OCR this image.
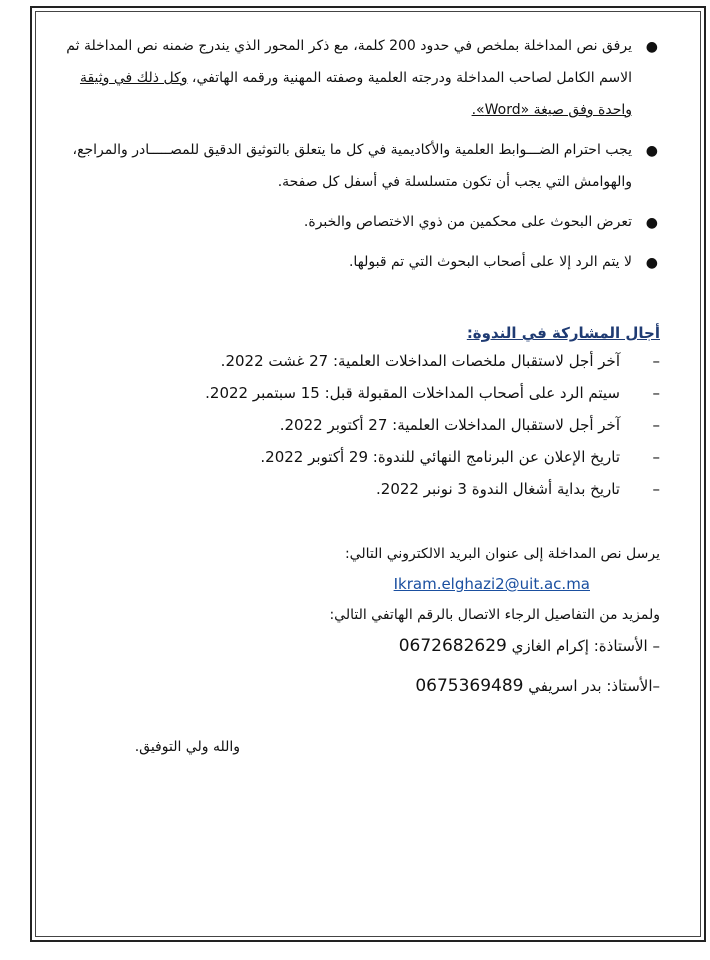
●
يرفق نص المداخلة بملخص في حدود 200 كلمة، مع ذكر المحور الذي يندرج ضمنه نص المداخلة ثم الاسم الكامل لصاحب المداخلة ودرجته العلمية وصفته المهنية ورقمه الهاتفي، وكل ذلك في وثيقة واحدة وفق صيغة «Word».
●
يجب احترام الضـــوابط العلمية والأكاديمية في كل ما يتعلق بالتوثيق الدقيق للمصـــــادر والمراجع، والهوامش التي يجب أن تكون متسلسلة في أسفل كل صفحة.
●
تعرض البحوث على محكمين من ذوي الاختصاص والخبرة.
●
لا يتم الرد إلا على أصحاب البحوث التي تم قبولها.
أجال المشاركة في الندوة:
–
آخر أجل لاستقبال ملخصات المداخلات العلمية: 27 غشت 2022.
–
سيتم الرد على أصحاب المداخلات المقبولة قبل: 15 سبتمبر 2022.
–
آخر أجل لاستقبال المداخلات العلمية: 27 أكتوبر 2022.
–
تاريخ الإعلان عن البرنامج النهائي للندوة: 29 أكتوبر 2022.
–
تاريخ بداية أشغال الندوة 3 نونبر 2022.
يرسل نص المداخلة إلى عنوان البريد الالكتروني التالي:
Ikram.elghazi2@uit.ac.ma
ولمزيد من التفاصيل الرجاء الاتصال بالرقم الهاتفي التالي:
– الأستاذة: إكرام الغازي 0672682629
–الأستاذ: بدر اسريفي 0675369489
والله ولي التوفيق.
